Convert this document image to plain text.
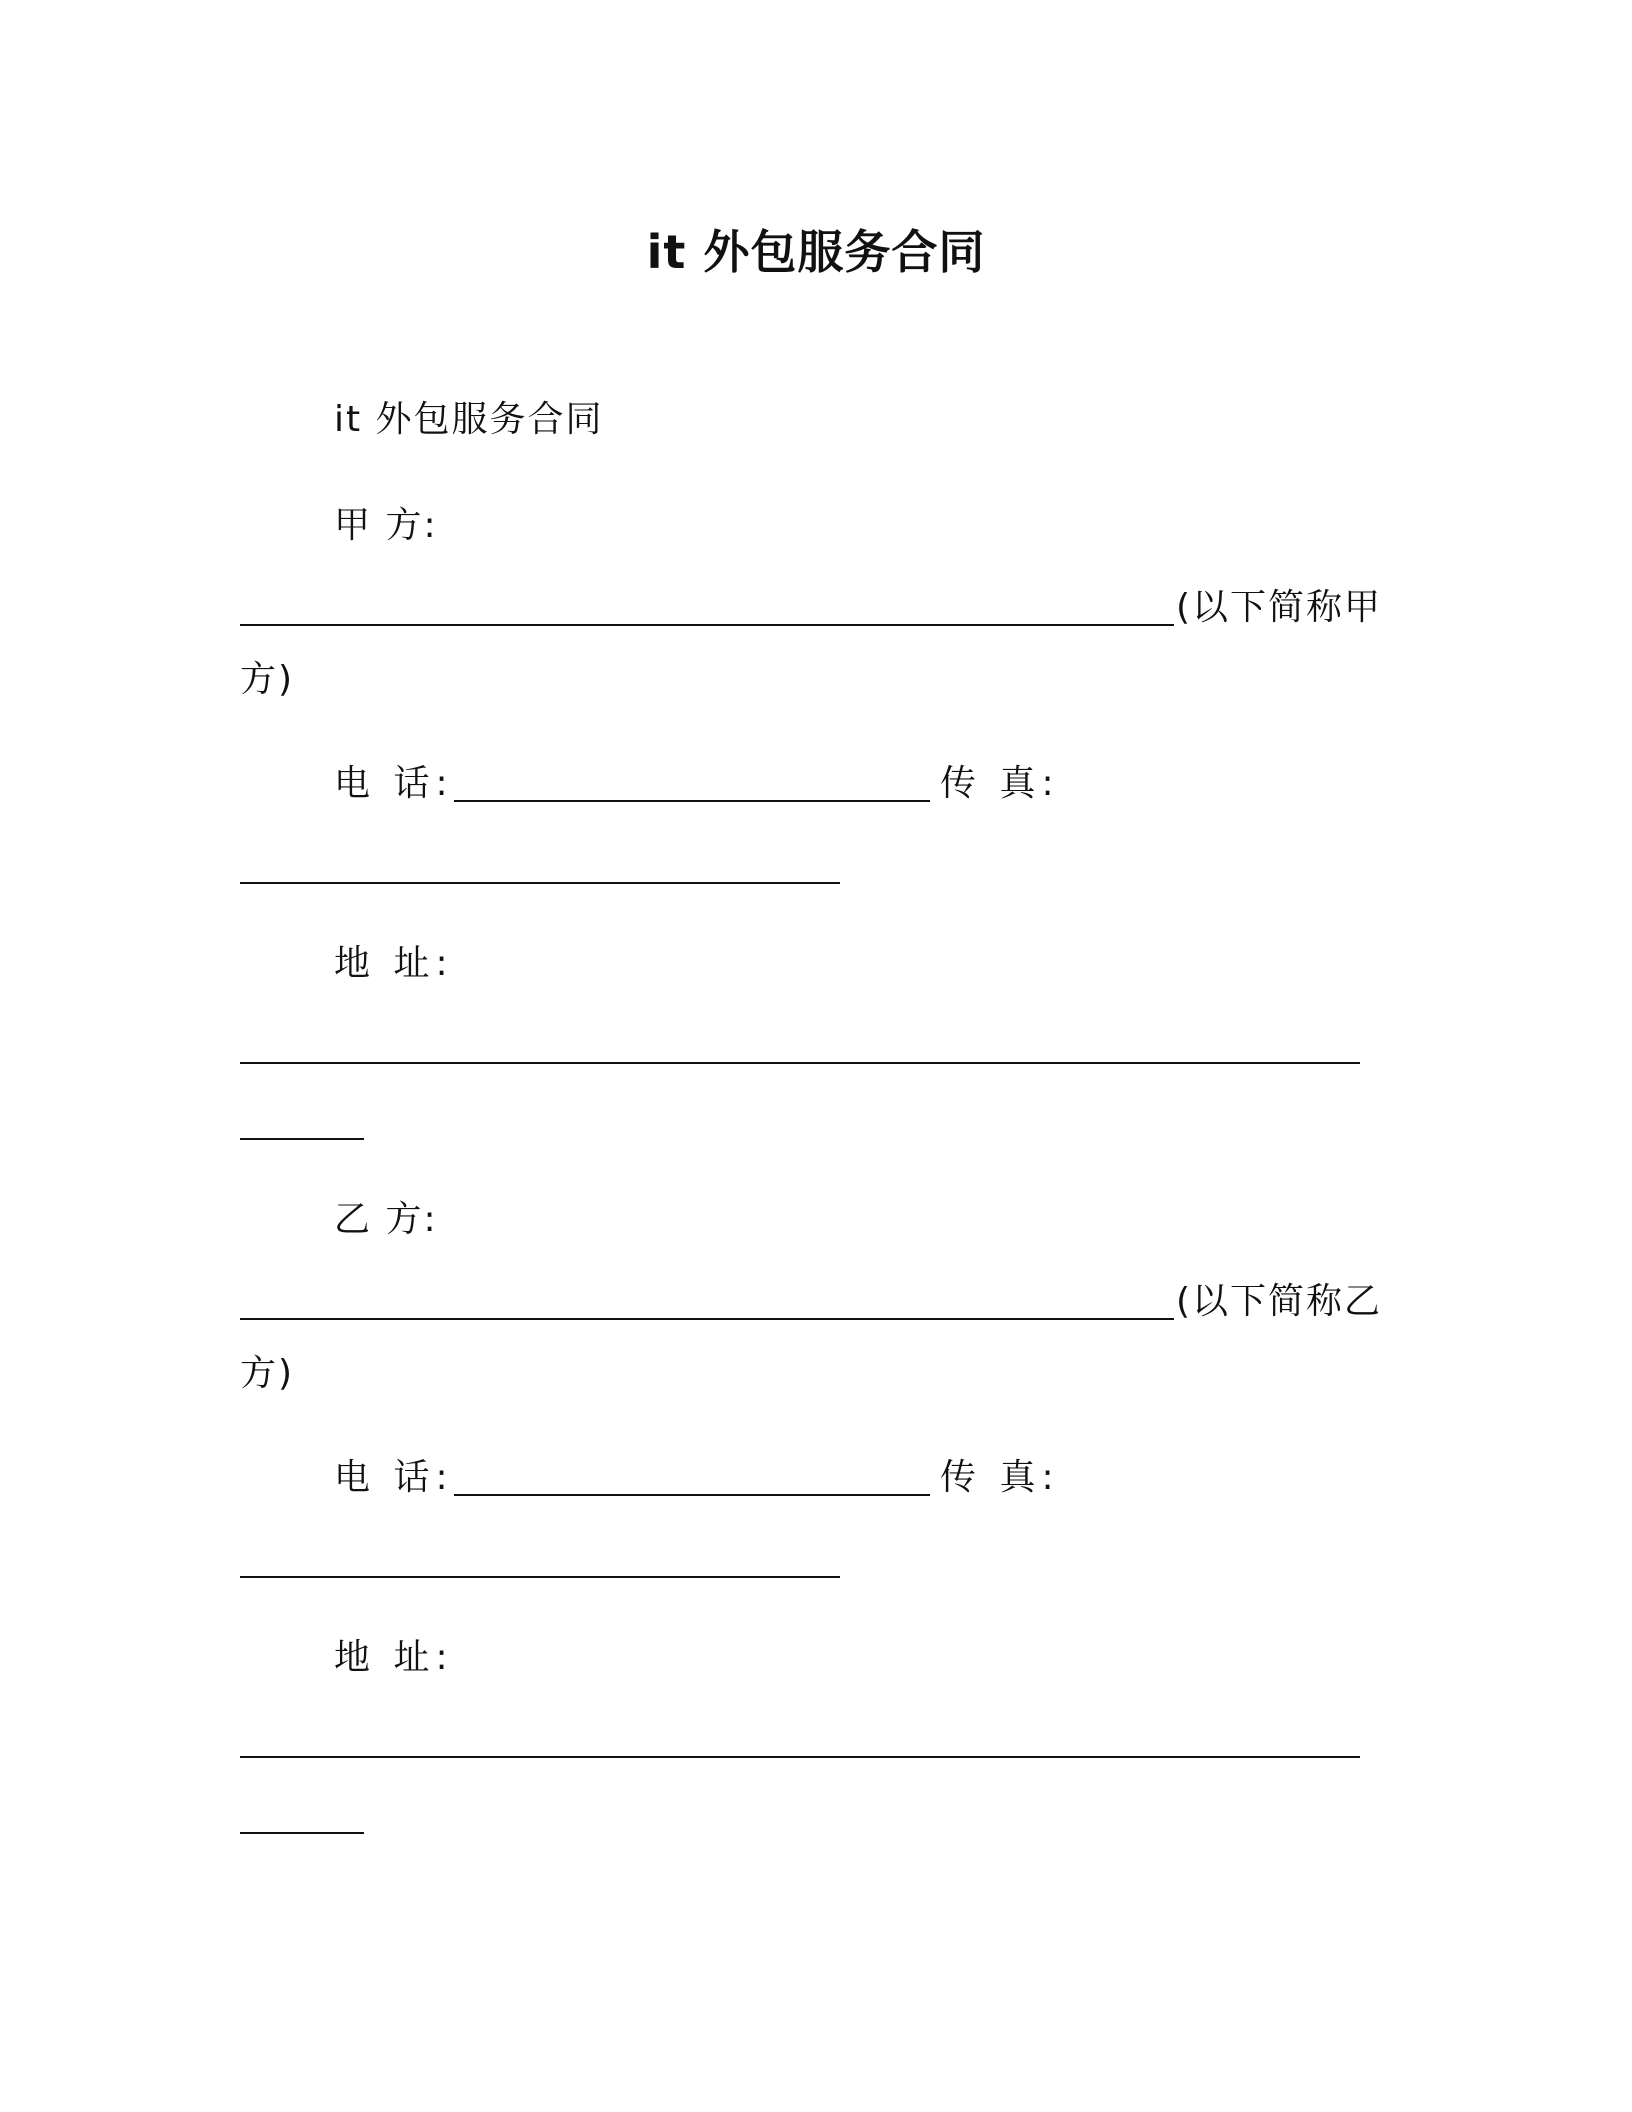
it 外包服务合同
it 外包服务合同
甲 方:
(以下简称甲
方)
电 话:	传 真:
地 址:
乙 方:
(以下简称乙
方)
电 话:	传 真:
地 址:
